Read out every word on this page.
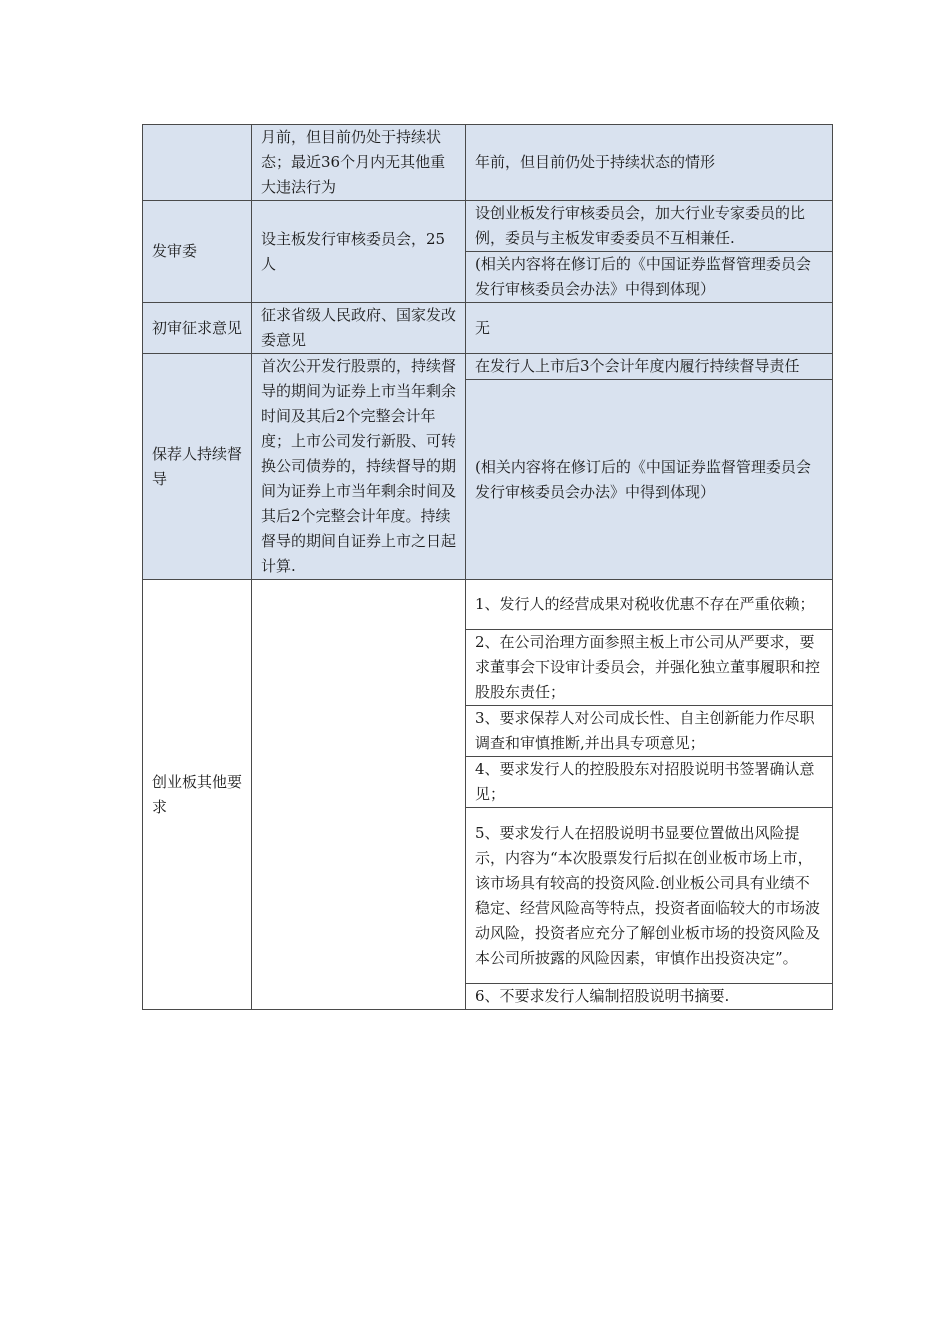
	月前，但目前仍处于持续状态；最近36个月内无其他重大违法行为	年前，但目前仍处于持续状态的情形
发审委	设主板发行审核委员会，25人	设创业板发行审核委员会，加大行业专家委员的比例，委员与主板发审委委员不互相兼任.
		(相关内容将在修订后的《中国证券监督管理委员会发行审核委员会办法》中得到体现）
初审征求意见	征求省级人民政府、国家发改委意见	无
保荐人持续督导	首次公开发行股票的，持续督导的期间为证券上市当年剩余时间及其后2个完整会计年度；上市公司发行新股、可转换公司债券的，持续督导的期间为证券上市当年剩余时间及其后2个完整会计年度。持续督导的期间自证券上市之日起计算.	在发行人上市后3个会计年度内履行持续督导责任
		(相关内容将在修订后的《中国证券监督管理委员会发行审核委员会办法》中得到体现）
创业板其他要求		1、发行人的经营成果对税收优惠不存在严重依赖；
		2、在公司治理方面参照主板上市公司从严要求，要求董事会下设审计委员会，并强化独立董事履职和控股股东责任；
		3、要求保荐人对公司成长性、自主创新能力作尽职调查和审慎推断,并出具专项意见；
		4、要求发行人的控股股东对招股说明书签署确认意见；
		5、要求发行人在招股说明书显要位置做出风险提示，内容为“本次股票发行后拟在创业板市场上市，该市场具有较高的投资风险.创业板公司具有业绩不稳定、经营风险高等特点，投资者面临较大的市场波动风险，投资者应充分了解创业板市场的投资风险及本公司所披露的风险因素，审慎作出投资决定”。
		6、不要求发行人编制招股说明书摘要.
